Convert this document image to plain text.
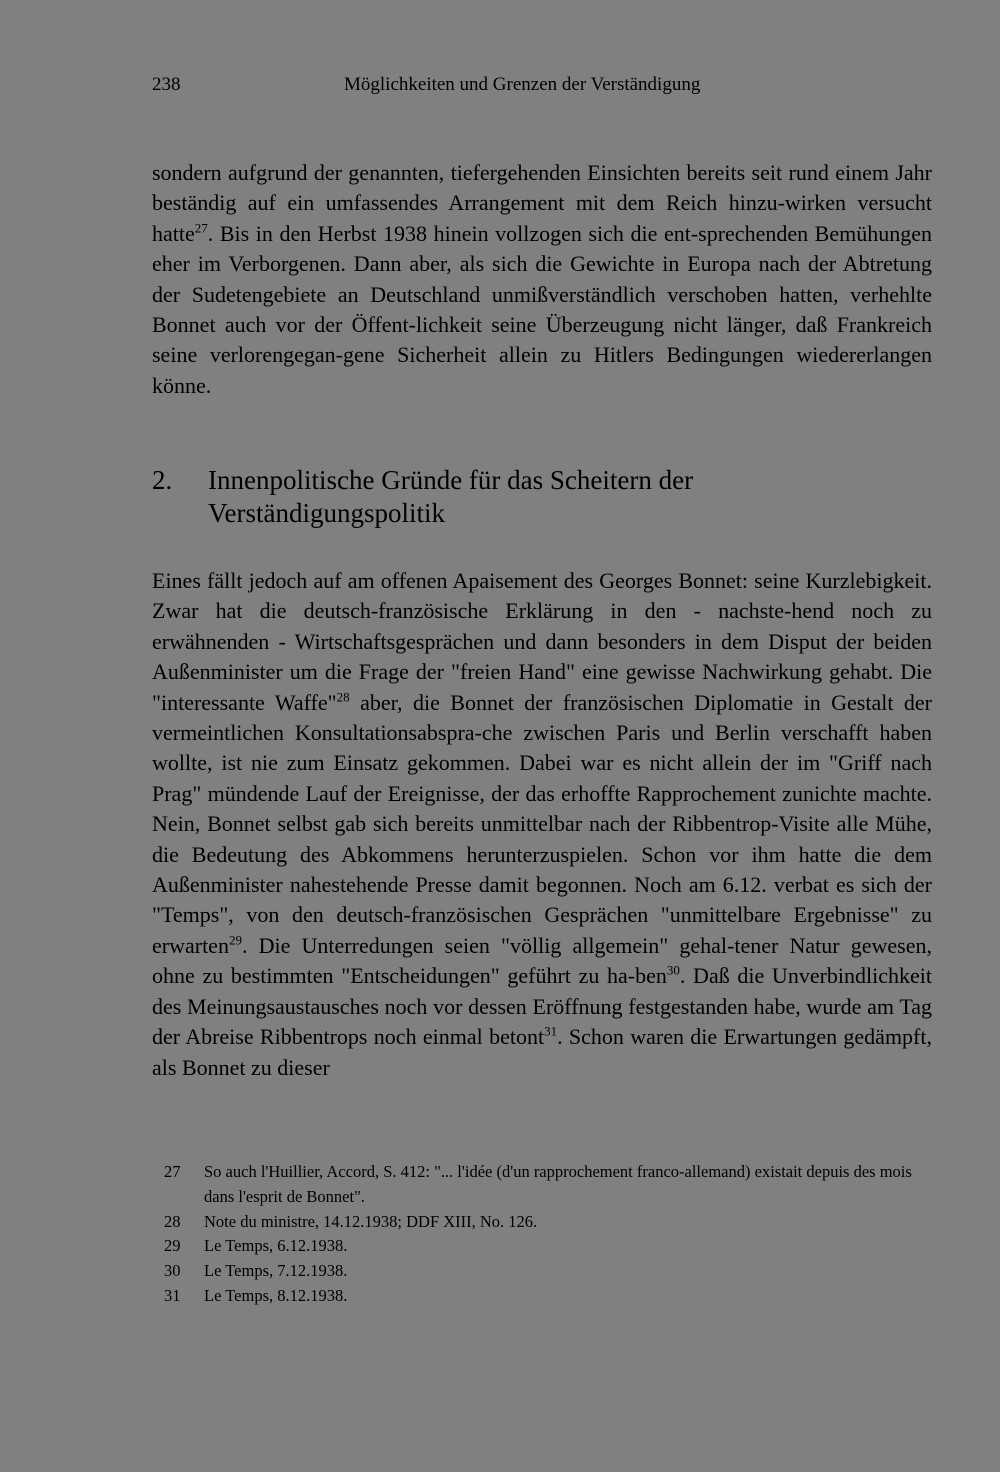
238	Möglichkeiten und Grenzen der Verständigung

sondern aufgrund der genannten, tiefergehenden Einsichten bereits seit rund einem Jahr beständig auf ein umfassendes Arrangement mit dem Reich hinzu-wirken versucht hatte$^{27}$. Bis in den Herbst 1938 hinein vollzogen sich die ent-sprechenden Bemühungen eher im Verborgenen. Dann aber, als sich die Gewichte in Europa nach der Abtretung der Sudetengebiete an Deutschland unmißverständlich verschoben hatten, verhehlte Bonnet auch vor der Öffent-lichkeit seine Überzeugung nicht länger, daß Frankreich seine verlorengegan-gene Sicherheit allein zu Hitlers Bedingungen wiedererlangen könne.

2. Innenpolitische Gründe für das Scheitern der Verständigungspolitik

Eines fällt jedoch auf am offenen Apaisement des Georges Bonnet: seine Kurzlebigkeit. Zwar hat die deutsch-französische Erklärung in den - nachste-hend noch zu erwähnenden - Wirtschaftsgesprächen und dann besonders in dem Disput der beiden Außenminister um die Frage der "freien Hand" eine gewisse Nachwirkung gehabt. Die "interessante Waffe"$^{28}$ aber, die Bonnet der französischen Diplomatie in Gestalt der vermeintlichen Konsultationsabspra-che zwischen Paris und Berlin verschafft haben wollte, ist nie zum Einsatz gekommen. Dabei war es nicht allein der im "Griff nach Prag" mündende Lauf der Ereignisse, der das erhoffte Rapprochement zunichte machte. Nein, Bonnet selbst gab sich bereits unmittelbar nach der Ribbentrop-Visite alle Mühe, die Bedeutung des Abkommens herunterzuspielen. Schon vor ihm hatte die dem Außenminister nahestehende Presse damit begonnen. Noch am 6.12. verbat es sich der "Temps", von den deutsch-französischen Gesprächen "unmittelbare Ergebnisse" zu erwarten$^{29}$. Die Unterredungen seien "völlig allgemein" gehal-tener Natur gewesen, ohne zu bestimmten "Entscheidungen" geführt zu ha-ben$^{30}$. Daß die Unverbindlichkeit des Meinungsaustausches noch vor dessen Eröffnung festgestanden habe, wurde am Tag der Abreise Ribbentrops noch einmal betont$^{31}$. Schon waren die Erwartungen gedämpft, als Bonnet zu dieser

27 So auch l'Huillier, Accord, S. 412: "... l'idée (d'un rapprochement franco-allemand) existait depuis des mois dans l'esprit de Bonnet".
28 Note du ministre, 14.12.1938; DDF XIII, No. 126.
29 Le Temps, 6.12.1938.
30 Le Temps, 7.12.1938.
31 Le Temps, 8.12.1938.
